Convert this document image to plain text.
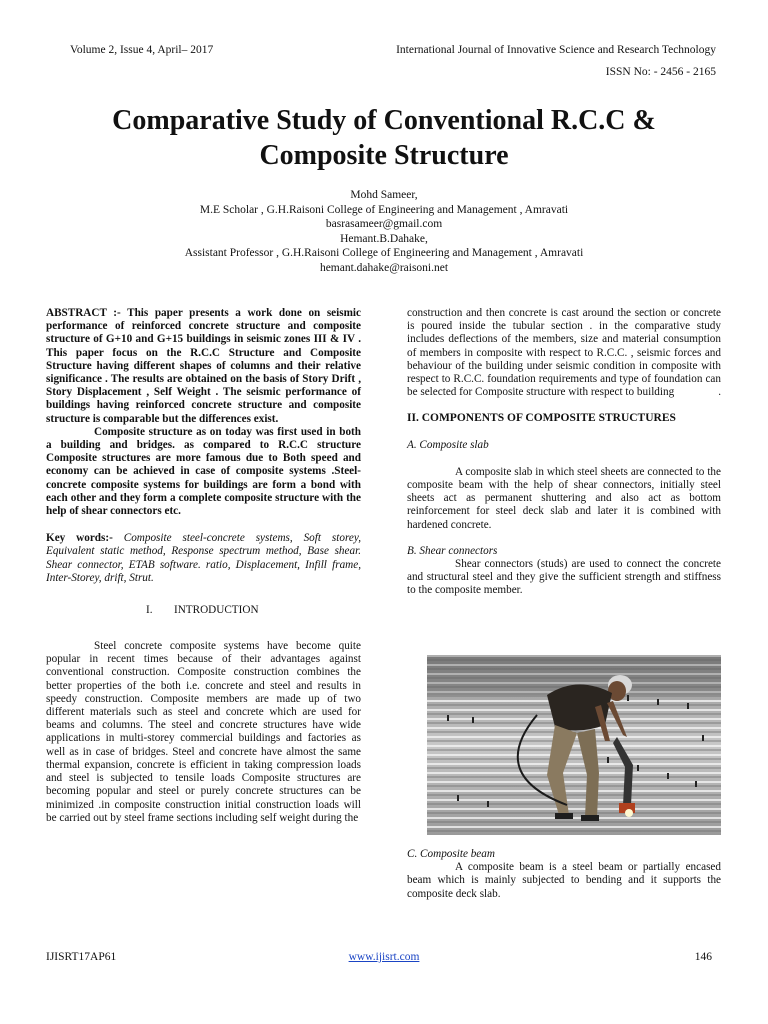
Volume 2, Issue 4, April– 2017	International Journal of Innovative Science and Research Technology
ISSN No: - 2456 - 2165
Comparative Study of Conventional R.C.C &
Composite Structure
Mohd Sameer,
M.E Scholar , G.H.Raisoni College of Engineering and Management , Amravati
basrasameer@gmail.com
Hemant.B.Dahake,
Assistant Professor , G.H.Raisoni College of Engineering and Management , Amravati
hemant.dahake@raisoni.net

ABSTRACT :- This paper presents a work done on seismic performance of reinforced concrete structure and composite structure of G+10 and G+15 buildings in seismic zones III & IV . This paper focus on the R.C.C Structure and Composite Structure having different shapes of columns and their relative significance . The results are obtained on the basis of Story Drift , Story Displacement , Self Weight . The seismic performance of buildings having reinforced concrete structure and composite structure is comparable but the differences exist.

Composite structure as on today was first used in both a building and bridges. as compared to R.C.C structure Composite structures are more famous due to Both speed and economy can be achieved in case of composite systems .Steel-concrete composite systems for buildings are form a bond with each other and they form a complete composite structure with the help of shear connectors etc.

Key words:- Composite steel-concrete systems, Soft storey, Equivalent static method, Response spectrum method, Base shear. Shear connector, ETAB software. ratio, Displacement, Infill frame, Inter-Storey, drift, Strut.

I. INTRODUCTION

Steel concrete composite systems have become quite popular in recent times because of their advantages against conventional construction. Composite construction combines the better properties of the both i.e. concrete and steel and results in speedy construction. Composite members are made up of two different materials such as steel and concrete which are used for beams and columns. The steel and concrete structures have wide applications in multi-storey commercial buildings and factories as well as in case of bridges. Steel and concrete have almost the same thermal expansion, concrete is efficient in taking compression loads and steel is subjected to tensile loads Composite structures are becoming popular and steel or purely concrete structures can be minimized .in composite construction initial construction loads will be carried out by steel frame sections including self weight during the

construction and then concrete is cast around the section or concrete is poured inside the tubular section . in the comparative study includes deflections of the members, size and material consumption of members in composite with respect to R.C.C. , seismic forces and behaviour of the building under seismic condition in composite with respect to R.C.C. foundation requirements and type of foundation can be selected for Composite structure with respect to building	.

II. COMPONENTS OF COMPOSITE STRUCTURES
A. Composite slab

A composite slab in which steel sheets are connected to the composite beam with the help of shear connectors, initially steel sheets act as permanent shuttering and also act as bottom reinforcement for steel deck slab and later it is combined with hardened concrete.

B. Shear connectors

Shear connectors (studs) are used to connect the concrete and structural steel and they give the sufficient strength and stiffness to the composite member.

C. Composite beam

A composite beam is a steel beam or partially encased beam which is mainly subjected to bending and it supports the composite deck slab.

IJISRT17AP61	www.ijisrt.com	146
